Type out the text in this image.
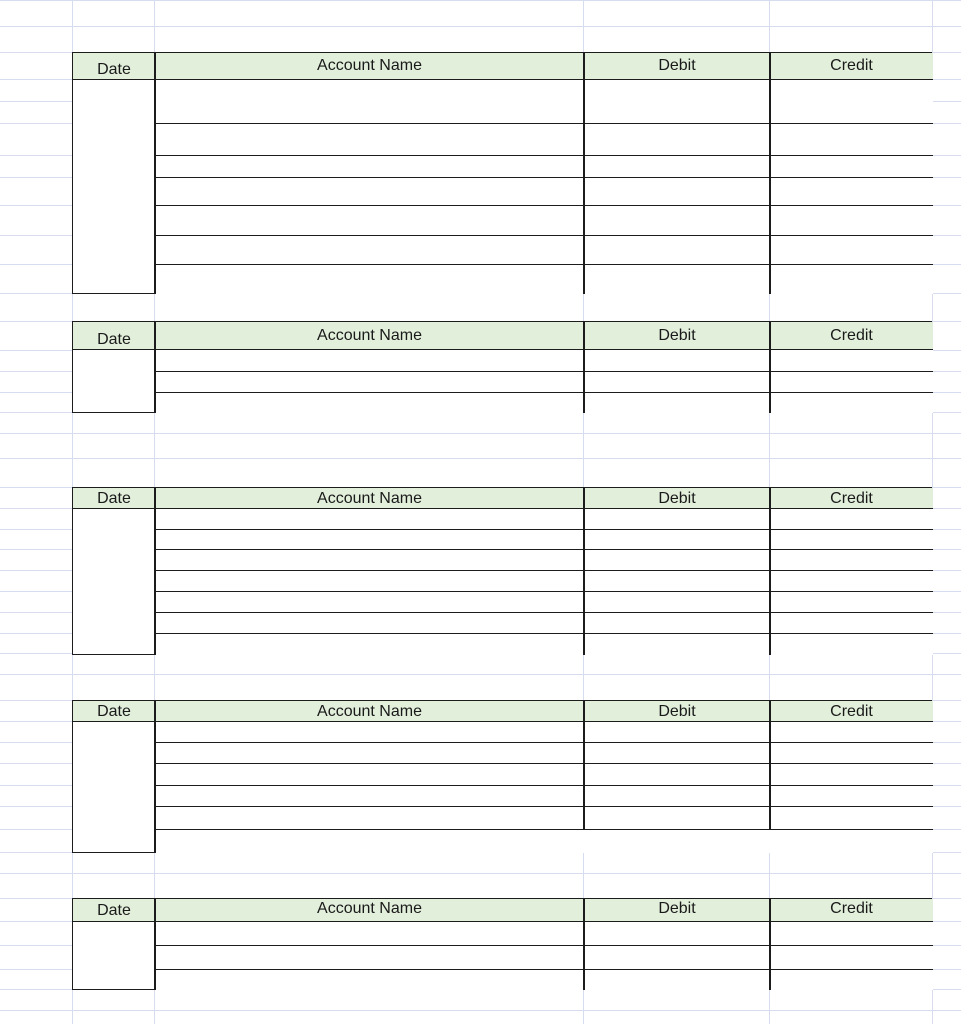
Date	Account Name	Debit	Credit
Date	Account Name	Debit	Credit
Date	Account Name	Debit	Credit
Date	Account Name	Debit	Credit
Date	Account Name	Debit	Credit
